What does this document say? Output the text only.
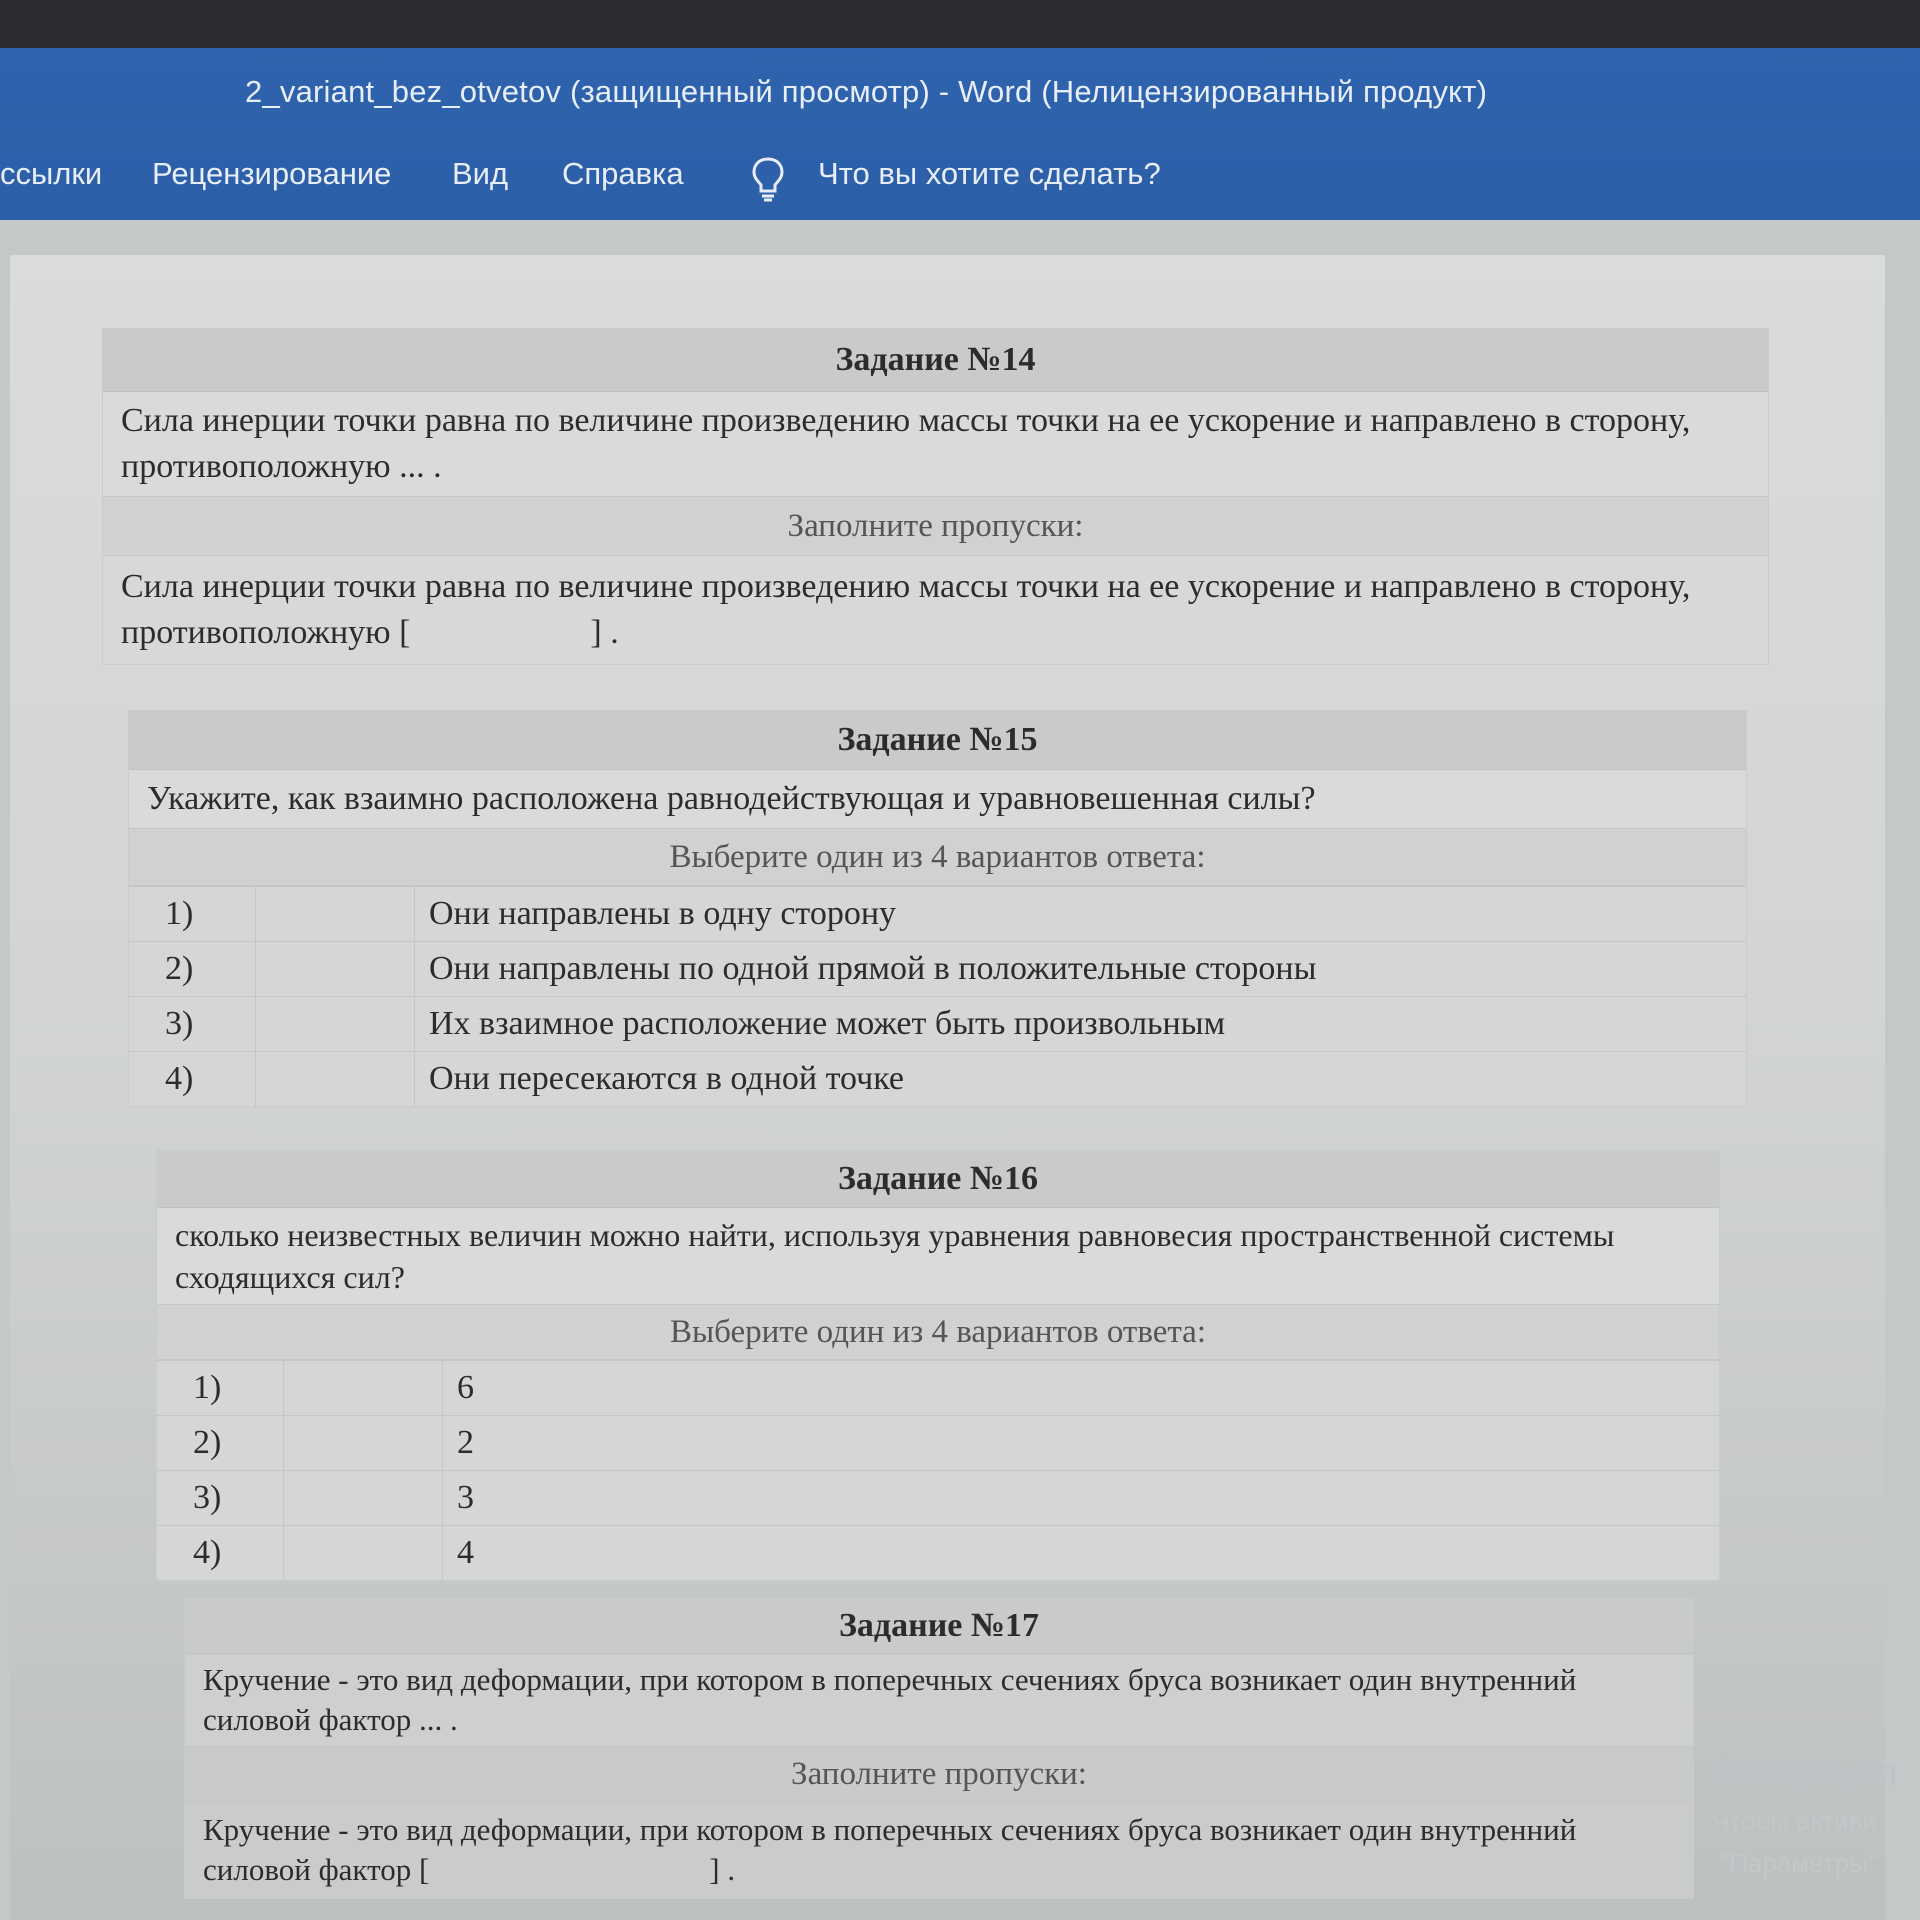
2_variant_bez_otvetov (защищенный просмотр) - Word (Нелицензированный продукт)
ссылки Рецензирование Вид Справка	Что вы хотите сделать?
Задание №14
Сила инерции точки равна по величине произведению массы точки на ее ускорение и направлено в сторону, противоположную ... .
Заполните пропуски:
Сила инерции точки равна по величине произведению массы точки на ее ускорение и направлено в сторону, противоположную [	] .
Задание №15
Укажите, как взаимно расположена равнодействующая и уравновешенная силы?
Выберите один из 4 вариантов ответа:
1)		Они направлены в одну сторону
2)		Они направлены по одной прямой в положительные стороны
3)		Их взаимное расположение может быть произвольным
4)		Они пересекаются в одной точке
Задание №16
сколько неизвестных величин можно найти, используя уравнения равновесия пространственной системы сходящихся сил?
Выберите один из 4 вариантов ответа:
1)		6
2)		2
3)		3
4)		4
Задание №17
Кручение - это вид деформации, при котором в поперечных сечениях бруса возникает один внутренний силовой фактор ... .
Заполните пропуски:
Кручение - это вид деформации, при котором в поперечных сечениях бруса возникает один внутренний силовой фактор [	] .
Активация
Чтобы активи
"Параметры"
